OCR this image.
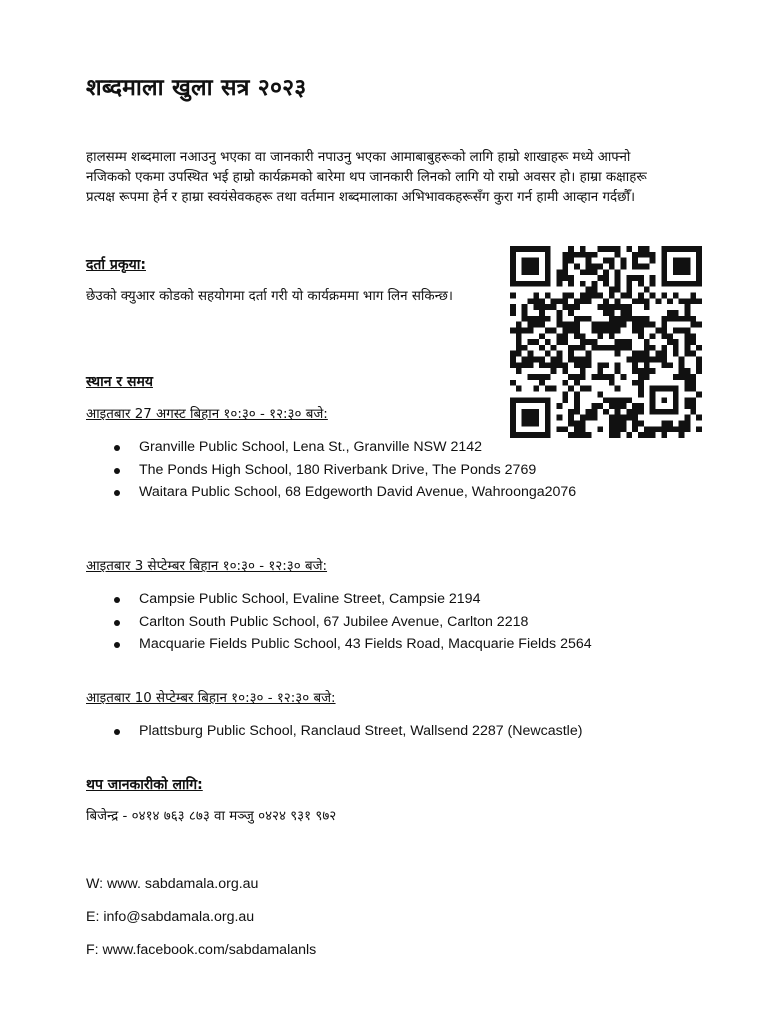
शब्दमाला खुला सत्र २०२३
हालसम्म शब्दमाला नआउनु भएका वा जानकारी नपाउनु भएका आमाबाबुहरूको लागि हाम्रो शाखाहरू मध्ये आफ्नो
नजिकको एकमा उपस्थित भई हाम्रो कार्यक्रमको बारेमा थप जानकारी लिनको लागि यो राम्रो अवसर हो। हाम्रा कक्षाहरू
प्रत्यक्ष रूपमा हेर्न र हाम्रा स्वयंसेवकहरू तथा वर्तमान शब्दमालाका अभिभावकहरूसँग कुरा गर्न हामी आव्हान गर्दछौँ।
दर्ता प्रकृया:
छेउको क्युआर कोडको सहयोगमा दर्ता गरी यो कार्यक्रममा भाग लिन सकिन्छ।
स्थान र समय
आइतबार 27 अगस्ट बिहान १०:३० - १२:३० बजे:
Granville Public School, Lena St., Granville NSW 2142
The Ponds High School, 180 Riverbank Drive, The Ponds 2769
Waitara Public School, 68 Edgeworth David Avenue, Wahroonga2076
आइतबार 3 सेप्टेम्बर बिहान १०:३० - १२:३० बजे:
Campsie Public School, Evaline Street, Campsie 2194
Carlton South Public School, 67 Jubilee Avenue, Carlton 2218
Macquarie Fields Public School, 43 Fields Road, Macquarie Fields 2564
आइतबार 10 सेप्टेम्बर बिहान १०:३० - १२:३० बजे:
Plattsburg Public School, Ranclaud Street, Wallsend 2287 (Newcastle)
थप जानकारीको लागि:
बिजेन्द्र - ०४१४ ७६३ ८७३ वा मञ्जु ०४२४ ९३१ ९७२
W: www. sabdamala.org.au
E: info@sabdamala.org.au
F: www.facebook.com/sabdamalanls
